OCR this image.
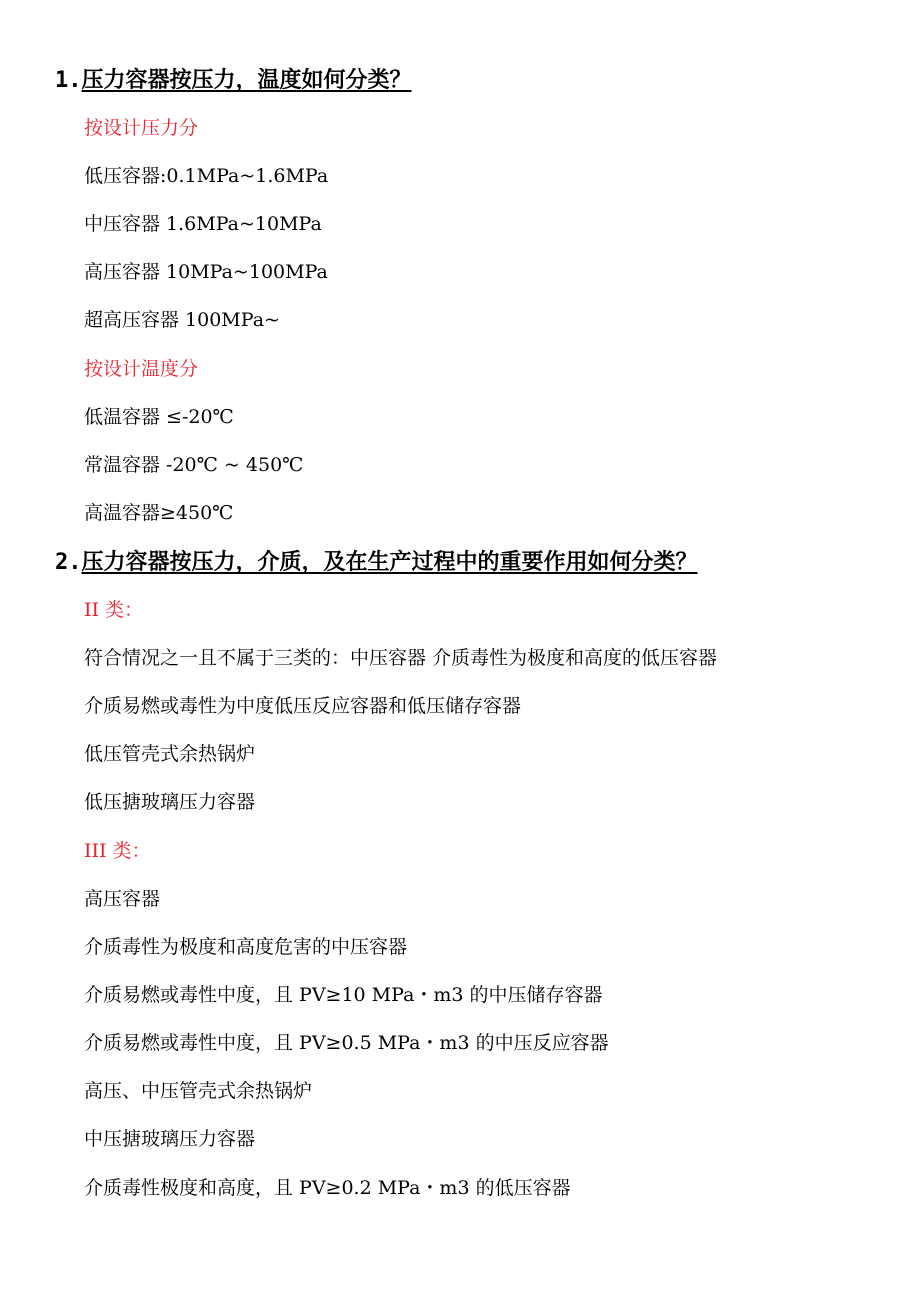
1.压力容器按压力，温度如何分类？
按设计压力分
低压容器:0.1MPa~1.6MPa
中压容器 1.6MPa~10MPa
高压容器 10MPa~100MPa
超高压容器 100MPa~
按设计温度分
低温容器 ≤-20℃
常温容器 -20℃ ~ 450℃
高温容器≥450℃
2.压力容器按压力，介质，及在生产过程中的重要作用如何分类？
II 类：
符合情况之一且不属于三类的：中压容器 介质毒性为极度和高度的低压容器
介质易燃或毒性为中度低压反应容器和低压储存容器
低压管壳式余热锅炉
低压搪玻璃压力容器
III 类：
高压容器
介质毒性为极度和高度危害的中压容器
介质易燃或毒性中度，且 PV≥10 MPa・m3 的中压储存容器
介质易燃或毒性中度，且 PV≥0.5 MPa・m3 的中压反应容器
高压、中压管壳式余热锅炉
中压搪玻璃压力容器
介质毒性极度和高度，且 PV≥0.2 MPa・m3 的低压容器
